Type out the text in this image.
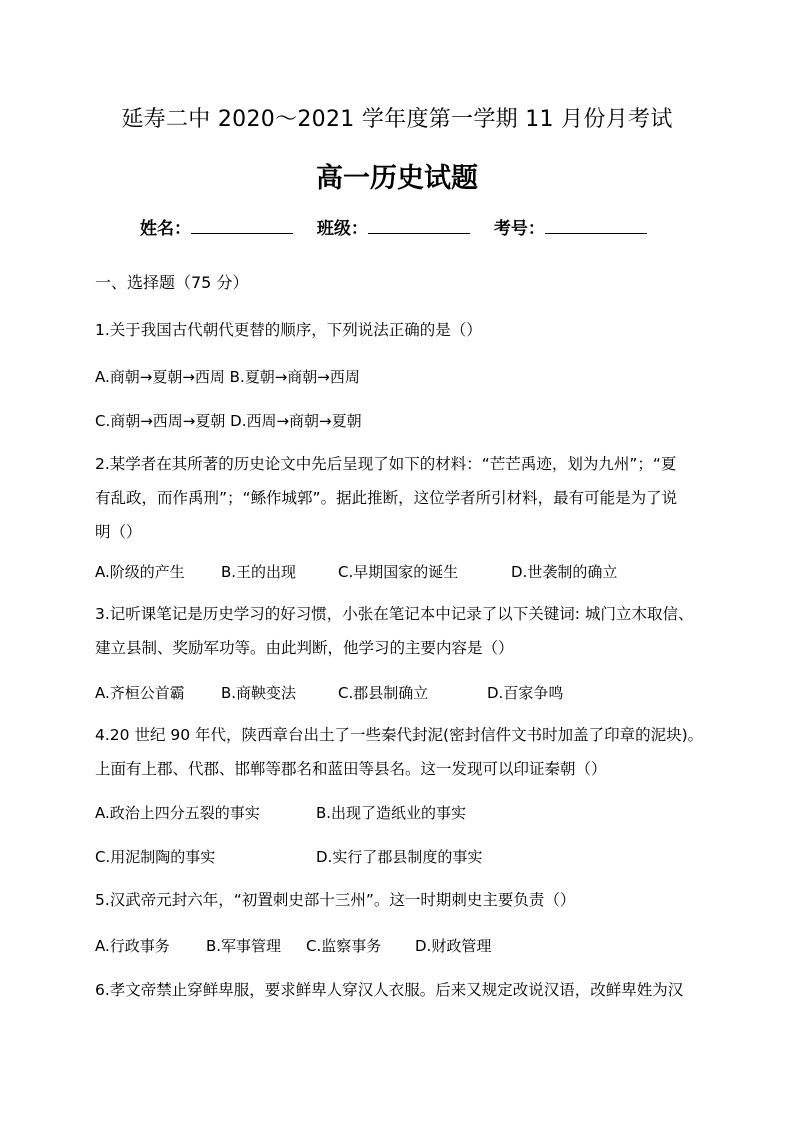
延寿二中 2020～2021 学年度第一学期 11 月份月考试
高一历史试题
姓名：	班级：	考号：
一、选择题（75 分）
1.关于我国古代朝代更替的顺序，下列说法正确的是（）
A.商朝→夏朝→西周 B.夏朝→商朝→西周
C.商朝→西周→夏朝 D.西周→商朝→夏朝
2.某学者在其所著的历史论文中先后呈现了如下的材料：“芒芒禹迹，划为九州”；“夏
有乱政，而作禹刑”；“鲧作城郭”。据此推断，这位学者所引材料，最有可能是为了说
明（）
A.阶级的产生 B.王的出现	C.早期国家的诞生	D.世袭制的确立
3.记听课笔记是历史学习的好习惯，小张在笔记本中记录了以下关键词: 城门立木取信、
建立县制、奖励军功等。由此判断，他学习的主要内容是（）
A.齐桓公首霸 B.商鞅变法	C.郡县制确立	D.百家争鸣
4.20 世纪 90 年代，陕西章台出土了一些秦代封泥(密封信件文书时加盖了印章的泥块)。
上面有上郡、代郡、邯郸等郡名和蓝田等县名。这一发现可以印证秦朝（）
A.政治上四分五裂的事实	B.出现了造纸业的事实
C.用泥制陶的事实	D.实行了郡县制度的事实
5.汉武帝元封六年，“初置刺史部十三州”。这一时期刺史主要负责（）
A.行政事务 B.军事管理 C.监察事务 D.财政管理
6.孝文帝禁止穿鲜卑服，要求鲜卑人穿汉人衣服。后来又规定改说汉语，改鲜卑姓为汉
